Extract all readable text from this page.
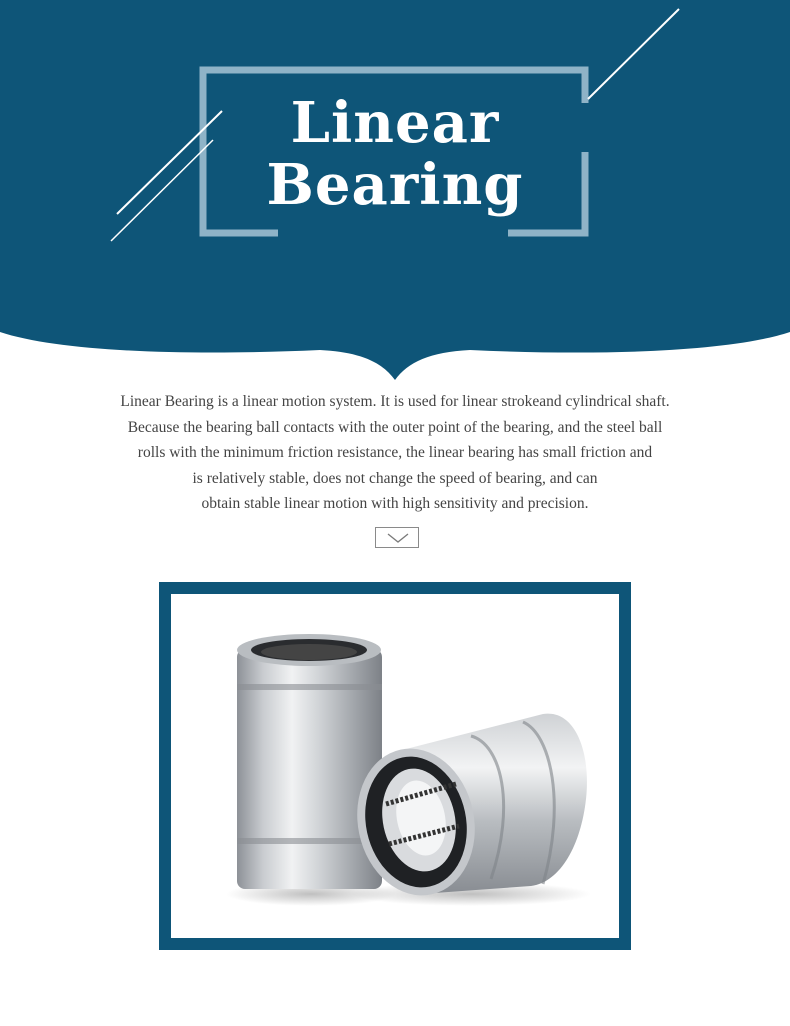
Linear
Bearing
Linear Bearing is a linear motion system. It is used for linear strokeand cylindrical shaft.
Because the bearing ball contacts with the outer point of the bearing, and the steel ball
rolls with the minimum friction resistance, the linear bearing has small friction and
is relatively stable, does not change the speed of bearing, and can
obtain stable linear motion with high sensitivity and precision.
